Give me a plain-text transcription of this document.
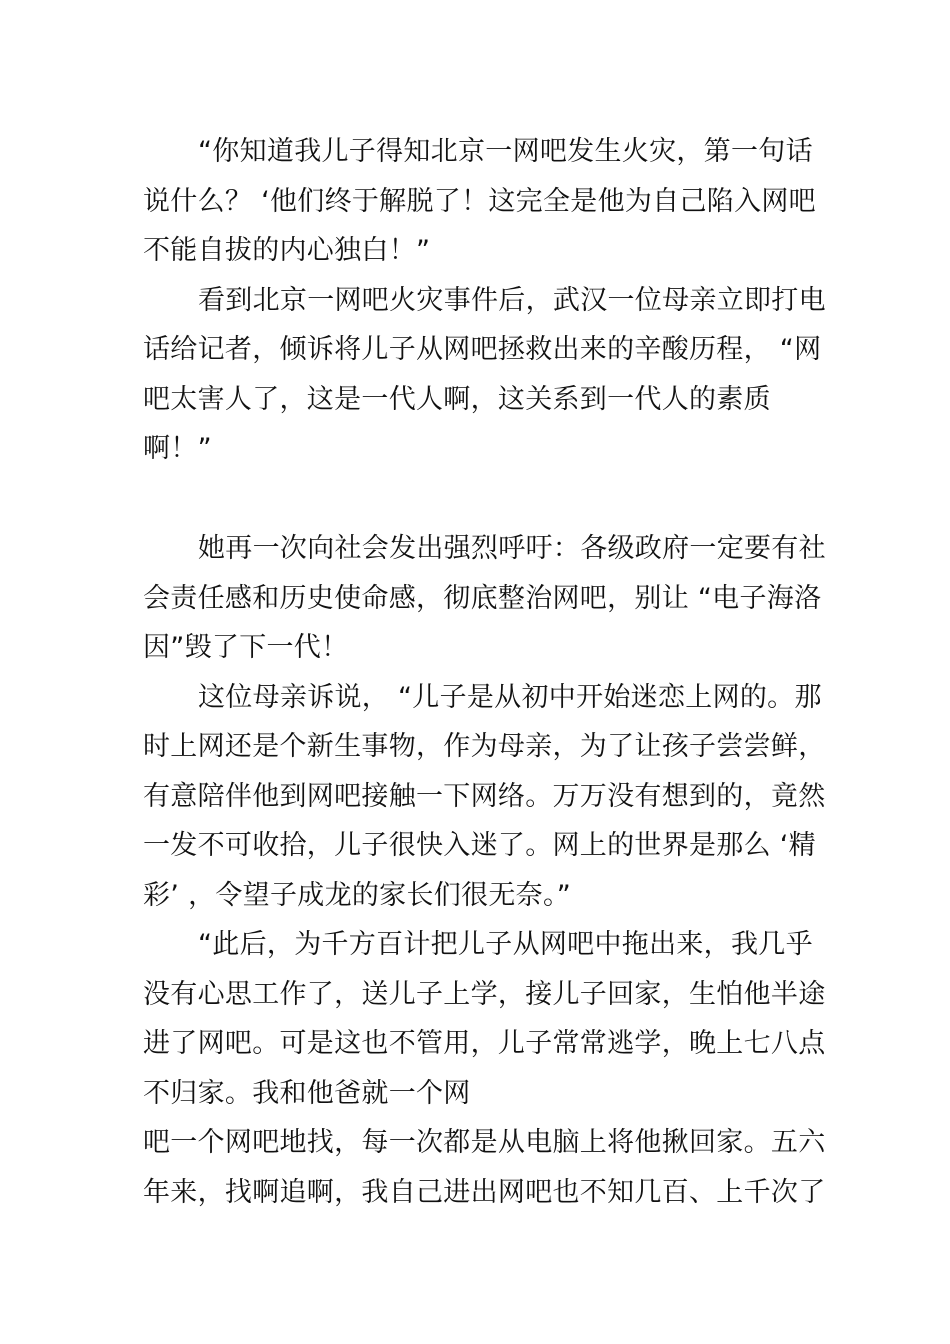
“你知道我儿子得知北京一网吧发生火灾，第一句话
说什么？ ‘他们终于解脱了！这完全是他为自己陷入网吧
不能自拔的内心独白！”
看到北京一网吧火灾事件后，武汉一位母亲立即打电
话给记者，倾诉将儿子从网吧拯救出来的辛酸历程， “网
吧太害人了，这是一代人啊，这关系到一代人的素质
啊！”
她再一次向社会发出强烈呼吁：各级政府一定要有社
会责任感和历史使命感，彻底整治网吧，别让 “电子海洛
因”毁了下一代！
这位母亲诉说， “儿子是从初中开始迷恋上网的。那
时上网还是个新生事物，作为母亲，为了让孩子尝尝鲜，
有意陪伴他到网吧接触一下网络。万万没有想到的，竟然
一发不可收拾，儿子很快入迷了。网上的世界是那么 ‘精
彩’ ，令望子成龙的家长们很无奈。”
“此后，为千方百计把儿子从网吧中拖出来，我几乎
没有心思工作了，送儿子上学，接儿子回家，生怕他半途
进了网吧。可是这也不管用，儿子常常逃学，晚上七八点
不归家。我和他爸就一个网
吧一个网吧地找，每一次都是从电脑上将他揪回家。五六
年来，找啊追啊，我自己进出网吧也不知几百、上千次了
